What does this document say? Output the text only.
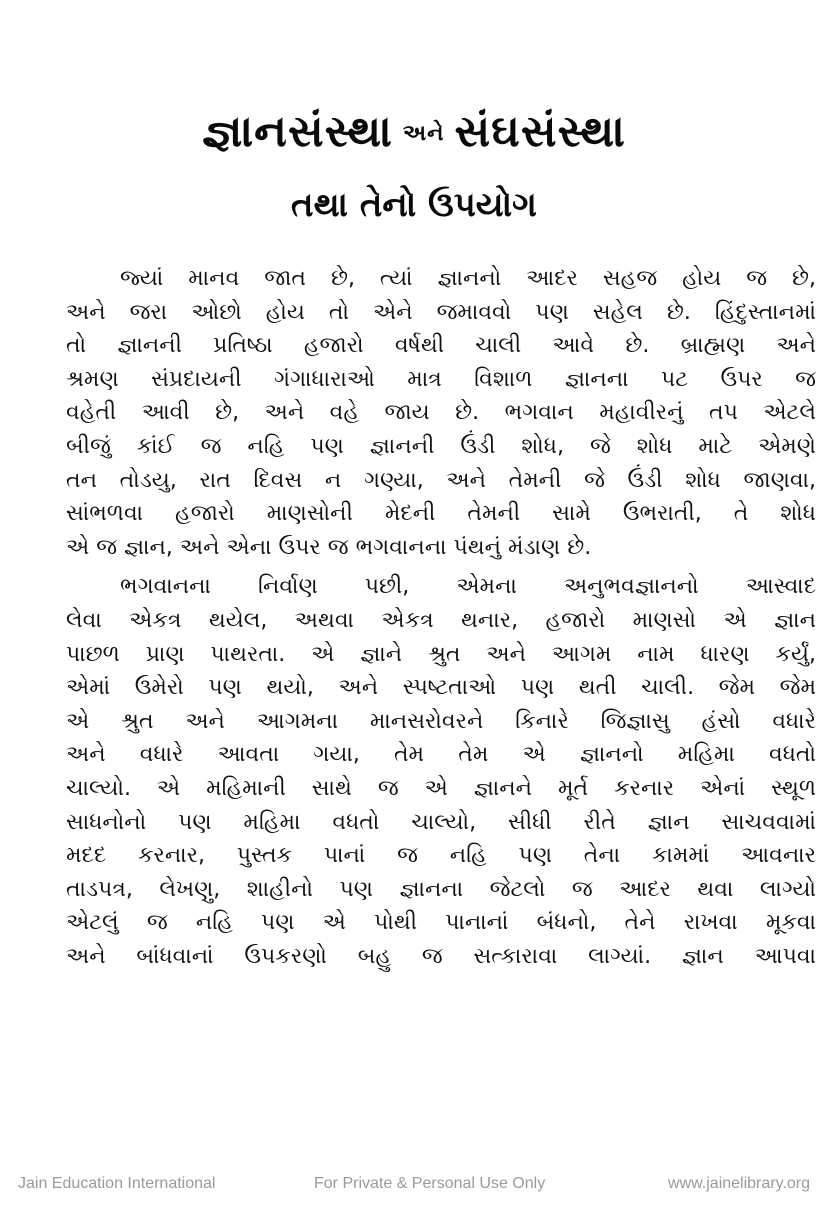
જ્ઞાનસંસ્થા અને સંઘસંસ્થા
તથા તેનો ઉપયોગ
જ્યાં માનવ જાત છે, ત્યાં જ્ઞાનનો આદર સહજ હોય જ છે,
અને જરા ઓછો હોય તો એને જમાવવો પણ સહેલ છે. હિંદુસ્તાનમાં
તો જ્ઞાનની પ્રતિષ્ઠા હજારો વર્ષથી ચાલી આવે છે. બ્રાહ્મણ અને
શ્રમણ સંપ્રદાયની ગંગાધારાઓ માત્ર વિશાળ જ્ઞાનના પટ ઉપર જ
વહેતી આવી છે, અને વહે જાય છે. ભગવાન મહાવીરનું તપ એટલે
બીજું કાંઈ જ નહિ પણ જ્ઞાનની ઉંડી શોધ, જે શોધ માટે એમણે
તન તોડયુ, રાત દિવસ ન ગણ્યા, અને તેમની જે ઉંડી શોધ જાણવા,
સાંભળવા હજારો માણસોની મેદની તેમની સામે ઉભરાતી, તે શોધ
એ જ જ્ઞાન, અને એના ઉપર જ ભગવાનના પંથનું મંડાણ છે.
ભગવાનના નિર્વાણ પછી, એમના અનુભવજ્ઞાનનો આસ્વાદ
લેવા એકત્ર થયેલ, અથવા એકત્ર થનાર, હજારો માણસો એ જ્ઞાન
પાછળ પ્રાણ પાથરતા. એ જ્ઞાને શ્રુત અને આગમ નામ ધારણ કર્યું,
એમાં ઉમેરો પણ થયો, અને સ્પષ્ટતાઓ પણ થતી ચાલી. જેમ જેમ
એ શ્રુત અને આગમના માનસરોવરને કિનારે જિજ્ઞાસુ હંસો વધારે
અને વધારે આવતા ગયા, તેમ તેમ એ જ્ઞાનનો મહિમા વધતો
ચાલ્યો. એ મહિમાની સાથે જ એ જ્ઞાનને મૂર્ત કરનાર એનાં સ્થૂળ
સાધનોનો પણ મહિમા વધતો ચાલ્યો, સીધી રીતે જ્ઞાન સાચવવામાં
મદદ કરનાર, પુસ્તક પાનાં જ નહિ પણ તેના કામમાં આવનાર
તાડપત્ર, લેખણુ, શાહીનો પણ જ્ઞાનના જેટલો જ આદર થવા લાગ્યો
એટલું જ નહિ પણ એ પોથી પાનાનાં બંધનો, તેને રાખવા મૂકવા
અને બાંધવાનાં ઉપકરણો બહુ જ સત્કારાવા લાગ્યાં. જ્ઞાન આપવા
Jain Education International	For Private & Personal Use Only	www.jainelibrary.org
